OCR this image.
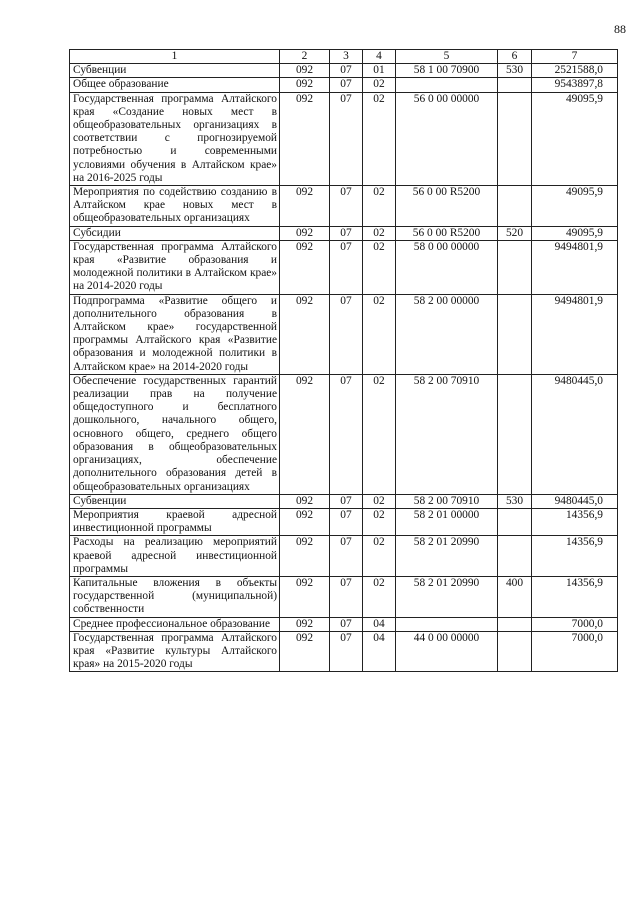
88
1	2	3	4	5	6	7
Субвенции	092	07	01	58 1 00 70900	530	2521588,0
Общее образование	092	07	02			9543897,8
Государственная программа Алтайского края «Создание новых мест в общеобразовательных организациях в соответствии с прогнозируемой потребностью и современными условиями обучения в Алтайском крае» на 2016-2025 годы	092	07	02	56 0 00 00000		49095,9
Мероприятия по содействию созданию в Алтайском крае новых мест в общеобразовательных организациях	092	07	02	56 0 00 R5200		49095,9
Субсидии	092	07	02	56 0 00 R5200	520	49095,9
Государственная программа Алтайского края «Развитие образования и молодежной политики в Алтайском крае» на 2014-2020 годы	092	07	02	58 0 00 00000		9494801,9
Подпрограмма «Развитие общего и дополнительного образования в Алтайском крае» государственной программы Алтайского края «Развитие образования и молодежной политики в Алтайском крае» на 2014-2020 годы	092	07	02	58 2 00 00000		9494801,9
Обеспечение государственных гарантий реализации прав на получение общедоступного и бесплатного дошкольного, начального общего, основного общего, среднего общего образования в общеобразовательных организациях, обеспечение дополнительного образования детей в общеобразовательных организациях	092	07	02	58 2 00 70910		9480445,0
Субвенции	092	07	02	58 2 00 70910	530	9480445,0
Мероприятия краевой адресной инвестиционной программы	092	07	02	58 2 01 00000		14356,9
Расходы на реализацию мероприятий краевой адресной инвестиционной программы	092	07	02	58 2 01 20990		14356,9
Капитальные вложения в объекты государственной (муниципальной) собственности	092	07	02	58 2 01 20990	400	14356,9
Среднее профессиональное образование	092	07	04			7000,0
Государственная программа Алтайского края «Развитие культуры Алтайского края» на 2015-2020 годы	092	07	04	44 0 00 00000		7000,0
